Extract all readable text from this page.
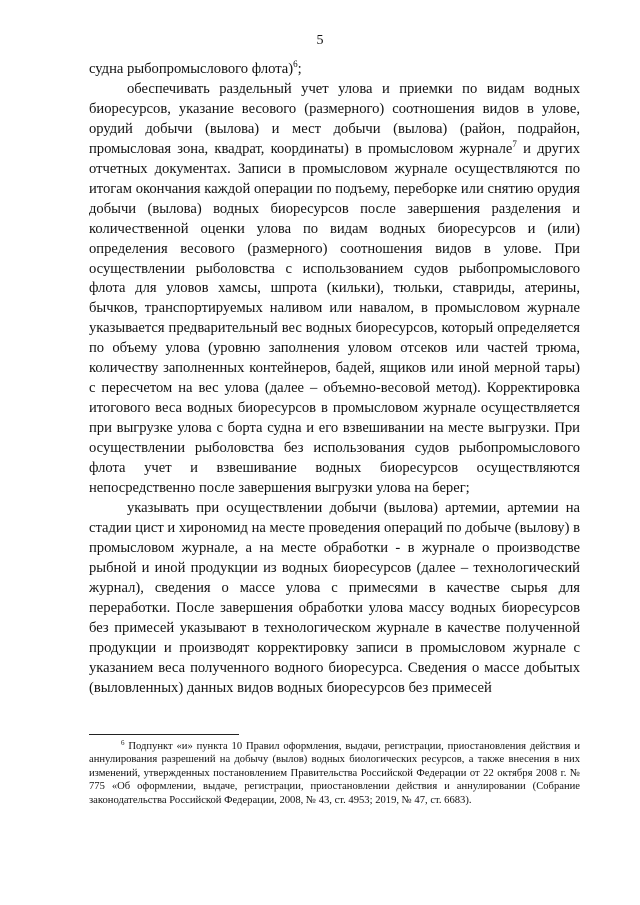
5

судна рыбопромыслового флота)$^6$;

обеспечивать раздельный учет улова и приемки по видам водных биоресурсов, указание весового (размерного) соотношения видов в улове, орудий добычи (вылова) и мест добычи (вылова) (район, подрайон, промысловая зона, квадрат, координаты) в промысловом журнале$^7$ и других отчетных документах. Записи в промысловом журнале осуществляются по итогам окончания каждой операции по подъему, переборке или снятию орудия добычи (вылова) водных биоресурсов после завершения разделения и количественной оценки улова по видам водных биоресурсов и (или) определения весового (размерного) соотношения видов в улове. При осуществлении рыболовства с использованием судов рыбопромыслового флота для уловов хамсы, шпрота (кильки), тюльки, ставриды, атерины, бычков, транспортируемых наливом или навалом, в промысловом журнале указывается предварительный вес водных биоресурсов, который определяется по объему улова (уровню заполнения уловом отсеков или частей трюма, количеству заполненных контейнеров, бадей, ящиков или иной мерной тары) с пересчетом на вес улова (далее – объемно-весовой метод). Корректировка итогового веса водных биоресурсов в промысловом журнале осуществляется при выгрузке улова с борта судна и его взвешивании на месте выгрузки. При осуществлении рыболовства без использования судов рыбопромыслового флота учет и взвешивание водных биоресурсов осуществляются непосредственно после завершения выгрузки улова на берег;

указывать при осуществлении добычи (вылова) артемии, артемии на стадии цист и хирономид на месте проведения операций по добыче (вылову) в промысловом журнале, а на месте обработки - в журнале о производстве рыбной и иной продукции из водных биоресурсов (далее – технологический журнал), сведения о массе улова с примесями в качестве сырья для переработки. После завершения обработки улова массу водных биоресурсов без примесей указывают в технологическом журнале в качестве полученной продукции и производят корректировку записи в промысловом журнале с указанием веса полученного водного биоресурса. Сведения о массе добытых (выловленных) данных видов водных биоресурсов без примесей

$^6$ Подпункт «и» пункта 10 Правил оформления, выдачи, регистрации, приостановления действия и аннулирования разрешений на добычу (вылов) водных биологических ресурсов, а также внесения в них изменений, утвержденных постановлением Правительства Российской Федерации от 22 октября 2008 г. № 775 «Об оформлении, выдаче, регистрации, приостановлении действия и аннулировании (Собрание законодательства Российской Федерации, 2008, № 43, ст. 4953; 2019, № 47, ст. 6683).
